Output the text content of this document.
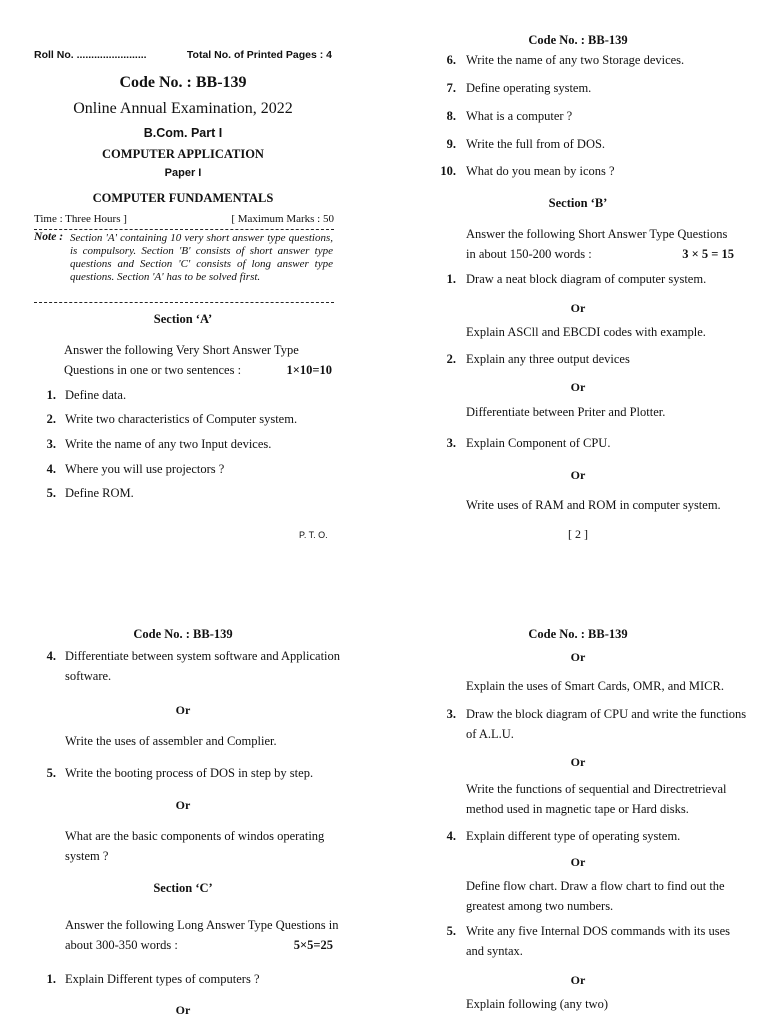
Roll No. ........................	Total No. of Printed Pages : 4
Code No. : BB-139
Online Annual Examination, 2022
B.Com. Part I
COMPUTER APPLICATION
Paper I
COMPUTER FUNDAMENTALS
Time : Three Hours ]	[ Maximum Marks : 50
Note : Section 'A' containing 10 very short answer type questions, is compulsory. Section 'B' consists of short answer type questions and Section 'C' consists of long answer type questions. Section 'A' has to be solved first.
Section ‘A’
Answer the following Very Short Answer Type
Questions in one or two sentences :	1×10=10
1. Define data.
2. Write two characteristics of Computer system.
3. Write the name of any two Input devices.
4. Where you will use projectors ?
5. Define ROM.
P. T. O.
Code No. : BB-139
6. Write the name of any two Storage devices.
7. Define operating system.
8. What is a computer ?
9. Write the full from of DOS.
10. What do you mean by icons ?
Section ‘B’
Answer the following Short Answer Type Questions
in about 150-200 words :	3 × 5 = 15
1. Draw a neat block diagram of computer system.
Or
Explain ASCll and EBCDI codes with example.
2. Explain any three output devices
Or
Differentiate between Priter and Plotter.
3. Explain Component of CPU.
Or
Write uses of RAM and ROM in computer system.
[ 2 ]
Code No. : BB-139
4. Differentiate between system software and Application
software.
Or
Write the uses of assembler and Complier.
5. Write the booting process of DOS in step by step.
Or
What are the basic components of windos operating
system ?
Section ‘C’
Answer the following Long Answer Type Questions in
about 300-350 words :	5×5=25
1. Explain Different types of computers ?
Or
Code No. : BB-139
Or
Explain the uses of Smart Cards, OMR, and MICR.
3. Draw the block diagram of CPU and write the functions
of A.L.U.
Or
Write the functions of sequential and Directretrieval
method used in magnetic tape or Hard disks.
4. Explain different type of operating system.
Or
Define flow chart. Draw a flow chart to find out the
greatest among two numbers.
5. Write any five Internal DOS commands with its uses
and syntax.
Or
Explain following (any two)
